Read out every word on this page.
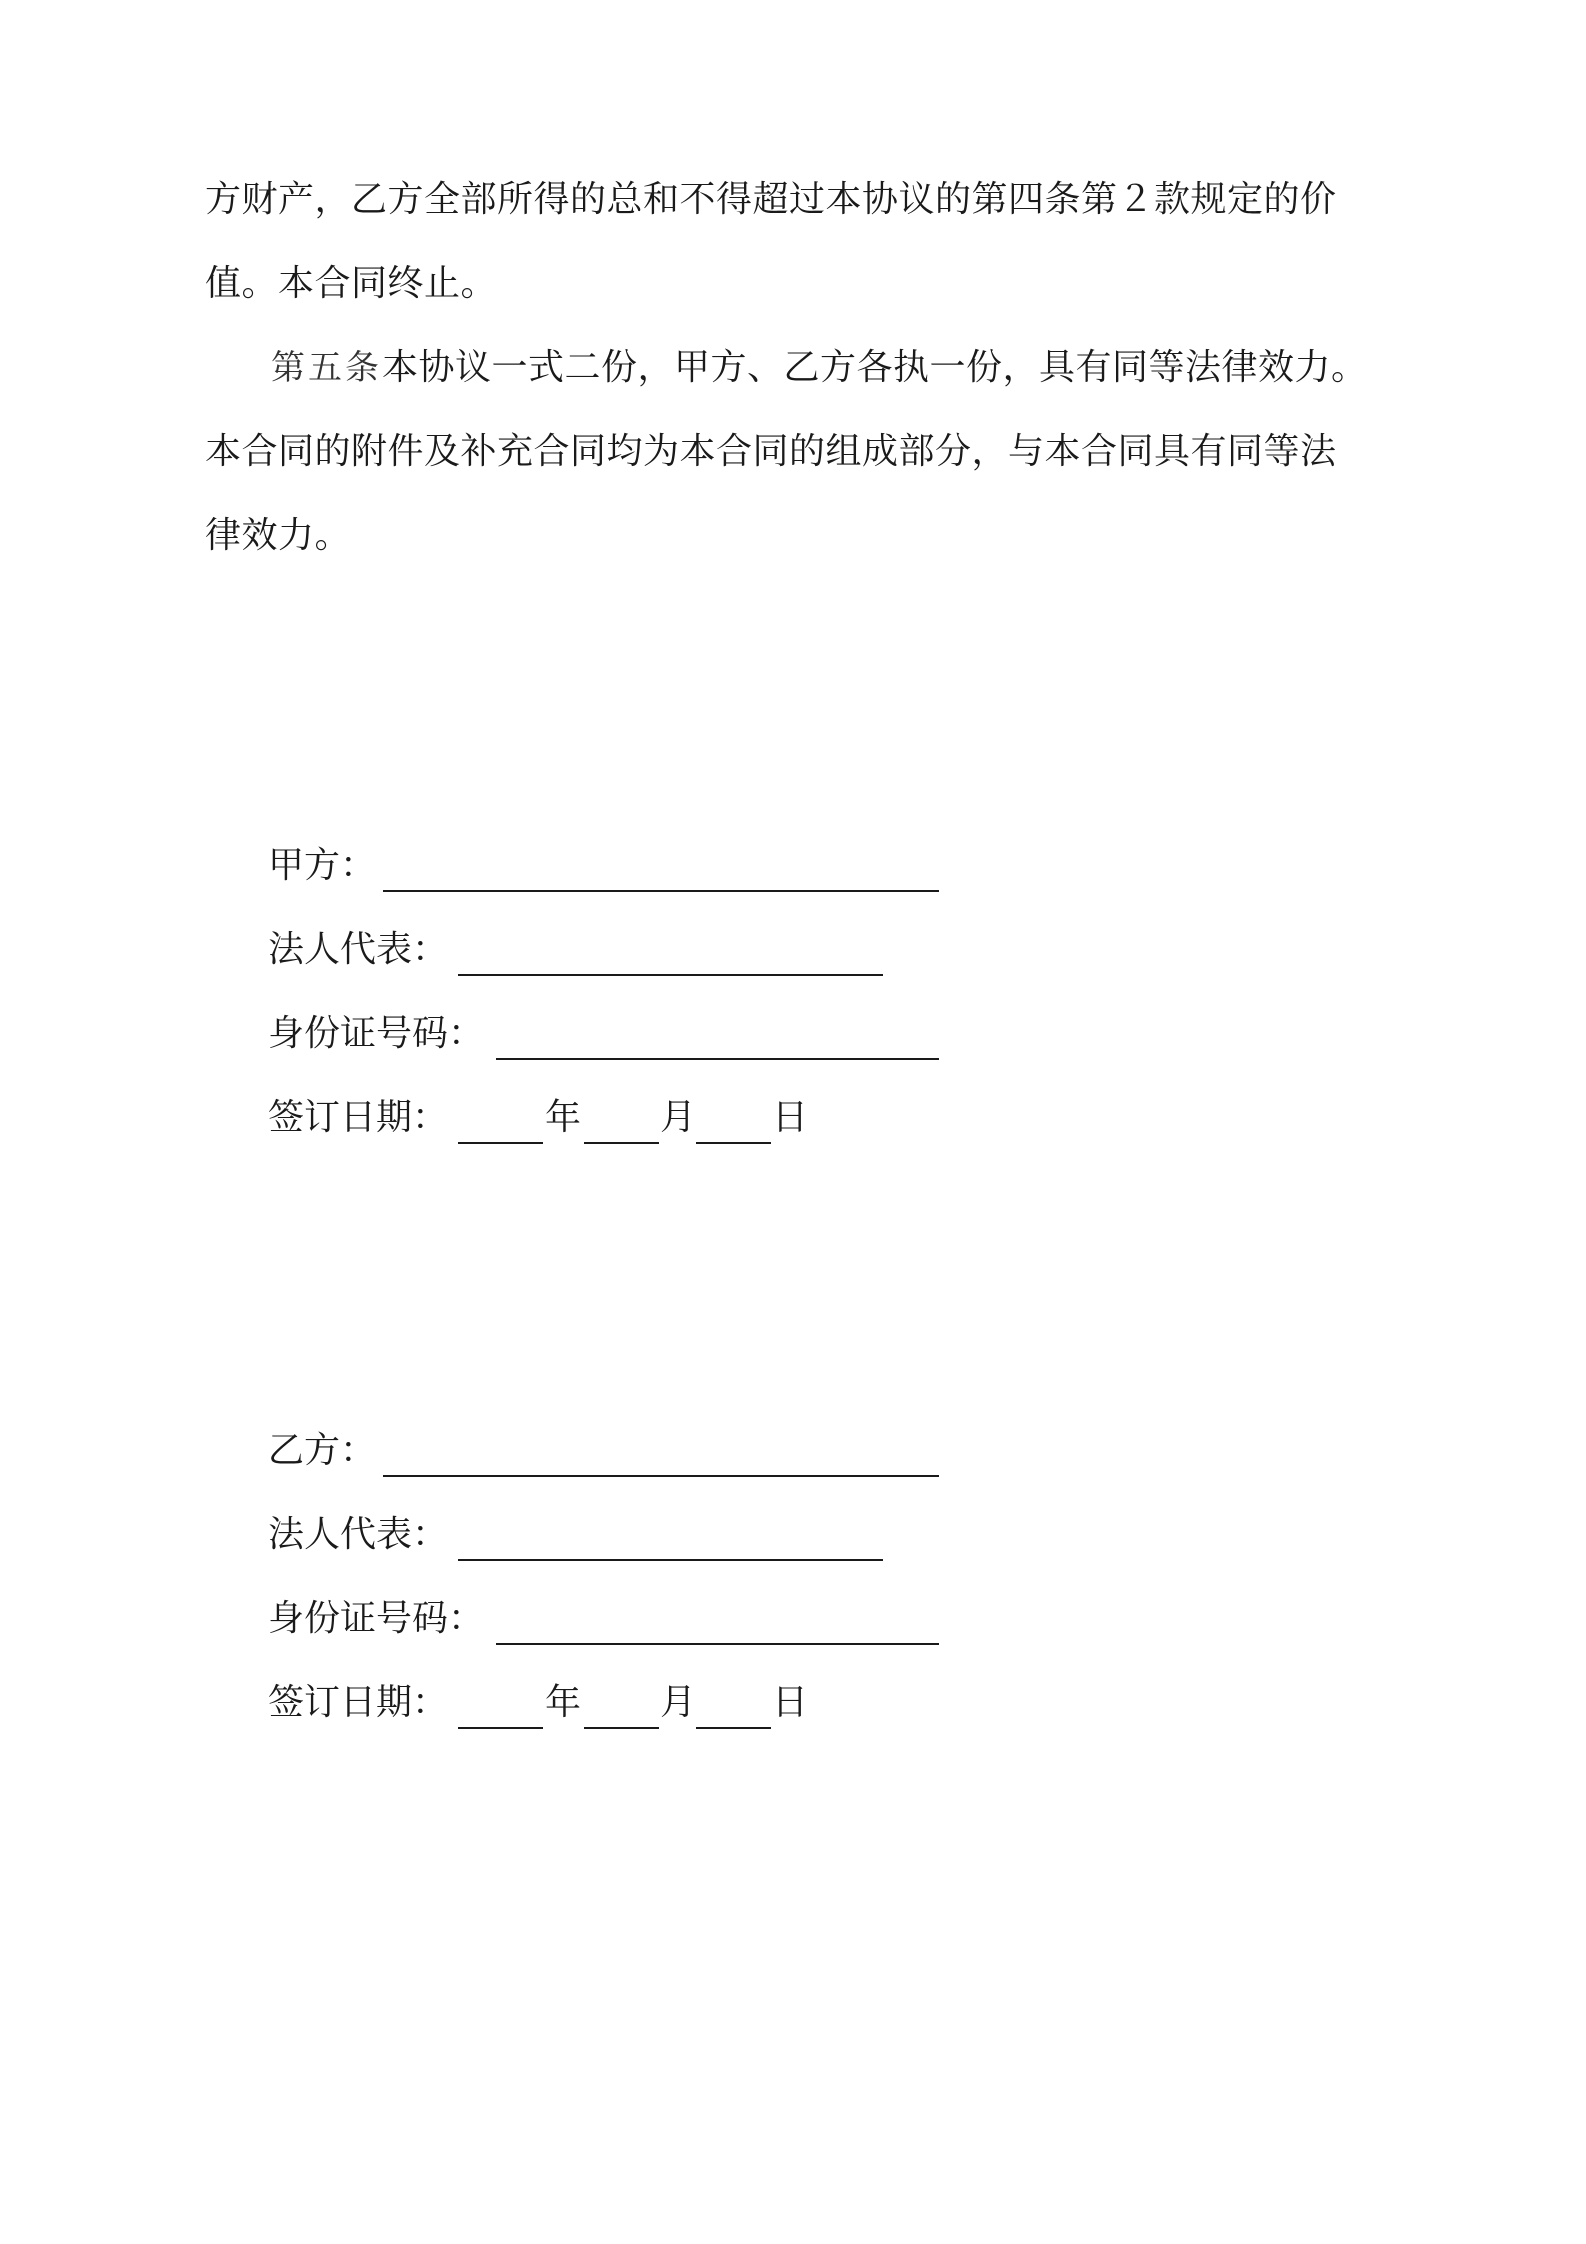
方财产，乙方全部所得的总和不得超过本协议的第四条第２款规定的价
值。本合同终止。

第五条本协议一式二份，甲方、乙方各执一份，具有同等法律效力。
本合同的附件及补充合同均为本合同的组成部分，与本合同具有同等法
律效力。

甲方：
法人代表：
身份证号码：
签订日期：	年 月 日
乙方：
法人代表：
身份证号码：
签订日期：	年 月 日
